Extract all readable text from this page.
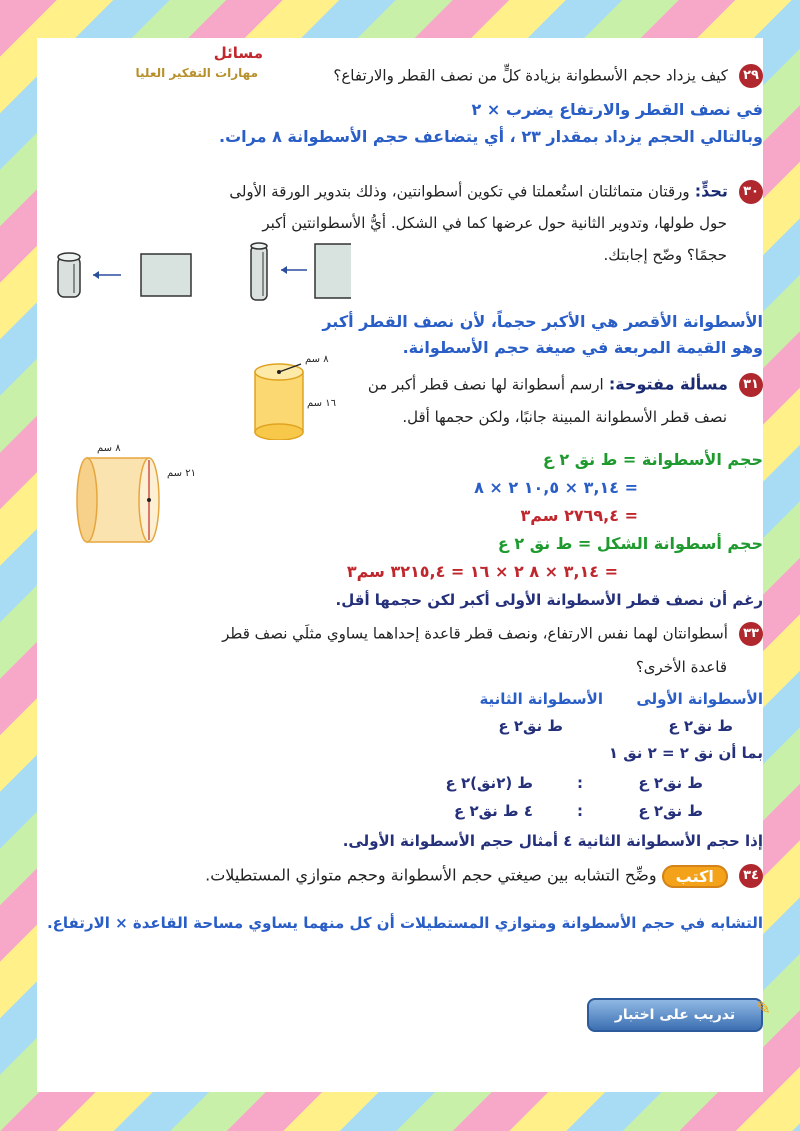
مسائل
مهارات التفكير العليا	٢٩ كيف يزداد حجم الأسطوانة بزيادة كلٍّ من نصف القطر والارتفاع؟
في نصف القطر والارتفاع يضرب × ٢
وبالتالي الحجم يزداد بمقدار ٢٣ ، أي يتضاعف حجم الأسطوانة ٨ مرات.
٣٠ تحدٍّ: ورقتان متماثلتان استُعملتا في تكوين أسطوانتين، وذلك بتدوير الورقة الأولى
حول طولها، وتدوير الثانية حول عرضها كما في الشكل. أيُّ الأسطوانتين أكبر
حجمًا؟ وضّح إجابتك.
الأسطوانة الأقصر هي الأكبر حجماً، لأن نصف القطر أكبر
وهو القيمة المربعة في صيغة حجم الأسطوانة.
٣١ مسألة مفتوحة: ارسم أسطوانة لها نصف قطر أكبر من
نصف قطر الأسطوانة المبينة جانبًا، ولكن حجمها أقل.
٨ سم
١٦ سم
٨ سم
٢١ سم
حجم الأسطوانة = ط نق ٢ ع
= ٣,١٤ × ١٠,٥ ٢ × ٨
= ٢٧٦٩,٤ سم٣
حجم أسطوانة الشكل = ط نق ٢ ع
= ٣,١٤ × ٨ ٢ × ١٦ = ٣٢١٥,٤ سم٣
رغم أن نصف قطر الأسطوانة الأولى أكبر لكن حجمها أقل.
٣٣ أسطوانتان لهما نفس الارتفاع، ونصف قطر قاعدة إحداهما يساوي مثلَي نصف قطر
قاعدة الأخرى؟
الأسطوانة الأولى
الأسطوانة الثانية
ط نق٢ ع
ط نق٢ ع
بما أن نق ٢ = ٢ نق ١
ط نق٢ ع
:
ط (٢نق)٢ ع
ط نق٢ ع
:
٤ ط نق٢ ع
إذا حجم الأسطوانة الثانية ٤ أمثال حجم الأسطوانة الأولى.
٣٤ اكتب وضِّح التشابه بين صيغتي حجم الأسطوانة وحجم متوازي المستطيلات.
التشابه في حجم الأسطوانة ومتوازي المستطيلات أن كل منهما يساوي مساحة القاعدة × الارتفاع.
تدريب على اختبار ✎
